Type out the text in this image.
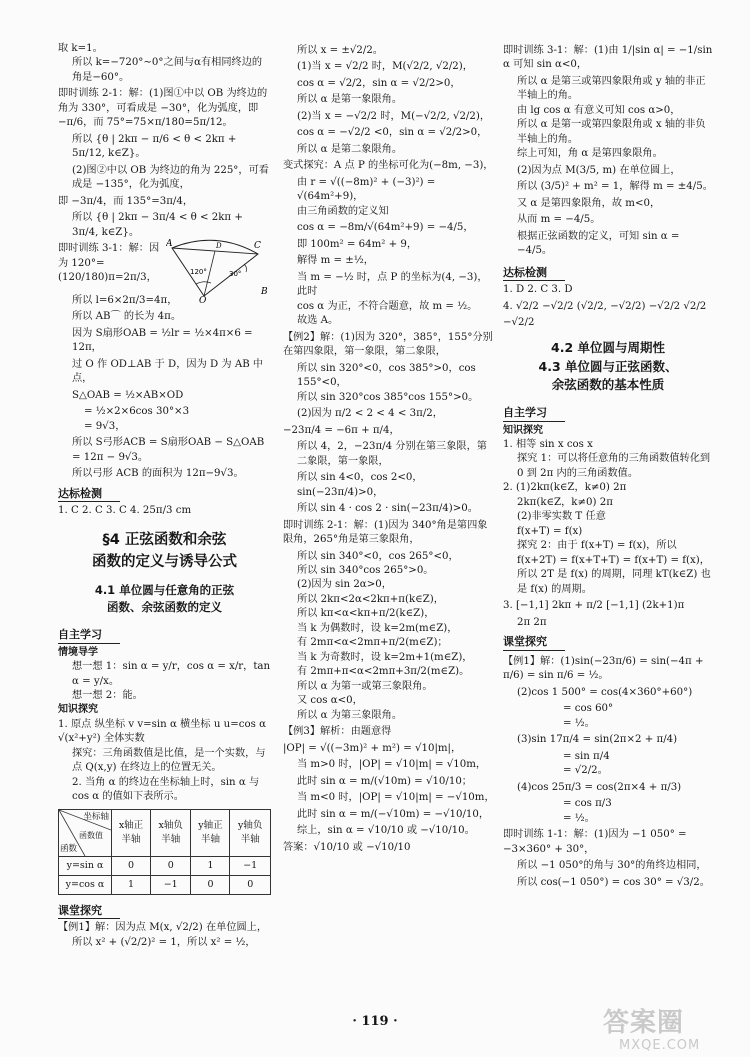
取 k=1。

所以 k=−720°∼0°之间与α有相同终边的角是−60°。

即时训练 2-1：解：(1)图①中以 OB 为终边的角为 330°，可看成是 −30°，化为弧度，即 −π/6，而 75°=75×π/180=5π/12。

所以 {θ | 2kπ − π/6 < θ < 2kπ + 5π/12, k∈Z}。

(2)图②中以 OB 为终边的角为 225°，可看成是 −135°，化为弧度，

即 −3π/4，而 135°=3π/4，

所以 {θ | 2kπ − 3π/4 < θ < 2kπ + 3π/4, k∈Z}。

即时训练 3-1：解：因为 120°=(120/180)π=2π/3，

所以 l=6×2π/3=4π，

所以 AB⌒ 的长为 4π。

因为 S扇形OAB = ½lr = ½×4π×6 = 12π，

过 O 作 OD⊥AB 于 D，因为 D 为 AB 中点，

S△OAB = ½×AB×OD

= ½×2×6cos 30°×3

= 9√3，

所以 S弓形ACB = S扇形OAB − S△OAB = 12π − 9√3。

所以弓形 ACB 的面积为 12π−9√3。

达标检测

1. C 2. C 3. C 4. 25π/3 cm

§4 正弦函数和余弦
函数的定义与诱导公式
4.1 单位圆与任意角的正弦
函数、余弦函数的定义
自主学习

情境导学

想一想 1：sin α = y/r，cos α = x/r，tan α = y/x。

想一想 2：能。

知识探究

1. 原点 纵坐标 v v=sin α 横坐标 u u=cos α √(x²+y²) 全体实数

探究：三角函数值是比值，是一个实数，与点 Q(x,y) 在终边上的位置无关。

2. 当角 α 的终边在坐标轴上时，sin α 与 cos α 的值如下表所示。

坐标轴
函数值
函数	x轴正半轴	x轴负半轴	y轴正半轴	y轴负半轴
y=sin α	0	0	1	−1
y=cos α	1	−1	0	0
课堂探究

【例1】解：因为点 M(x, √2/2) 在单位圆上，

所以 x² + (√2/2)² = 1，所以 x² = ½，

C
A
B
O
120°	30°
D

所以 x = ±√2/2。

(1)当 x = √2/2 时，M(√2/2, √2/2)，

cos α = √2/2，sin α = √2/2>0，

所以 α 是第一象限角。

(2)当 x = −√2/2 时，M(−√2/2, √2/2)，

cos α = −√2/2 <0，sin α = √2/2>0，

所以 α 是第二象限角。

变式探究：A 点 P 的坐标可化为(−8m, −3)，

由 r = √((−8m)² + (−3)²) = √(64m²+9)，

由三角函数的定义知

cos α = −8m/√(64m²+9) = −4/5，

即 100m² = 64m² + 9，

解得 m = ±½，

当 m = −½ 时，点 P 的坐标为(4, −3)，此时

cos α 为正，不符合题意，故 m = ½。

故选 A。

【例2】解：(1)因为 320°，385°，155°分别在第四象限，第一象限，第二象限，

所以 sin 320°<0，cos 385°>0，cos 155°<0，

所以 sin 320°cos 385°cos 155°>0。

(2)因为 π/2 < 2 < 4 < 3π/2，

−23π/4 = −6π + π/4，

所以 4，2，−23π/4 分别在第三象限，第二象限，第一象限，

所以 sin 4<0，cos 2<0，sin(−23π/4)>0，

所以 sin 4 · cos 2 · sin(−23π/4)>0。

即时训练 2-1：解：(1)因为 340°角是第四象限角，265°角是第三象限角，

所以 sin 340°<0，cos 265°<0，

所以 sin 340°cos 265°>0。

(2)因为 sin 2α>0，

所以 2kπ<2α<2kπ+π(k∈Z)，

所以 kπ<α<kπ+π/2(k∈Z)，

当 k 为偶数时，设 k=2m(m∈Z)，

有 2mπ<α<2mπ+π/2(m∈Z)；

当 k 为奇数时，设 k=2m+1(m∈Z)，

有 2mπ+π<α<2mπ+3π/2(m∈Z)。

所以 α 为第一或第三象限角。

又 cos α<0，

所以 α 为第三象限角。

【例3】解析：由题意得

|OP| = √((−3m)² + m²) = √10|m|，

当 m>0 时，|OP| = √10|m| = √10m，

此时 sin α = m/(√10m) = √10/10；

当 m<0 时，|OP| = √10|m| = −√10m，

此时 sin α = m/(−√10m) = −√10/10，

综上，sin α = √10/10 或 −√10/10。

答案：√10/10 或 −√10/10

即时训练 3-1：解：(1)由 1/|sin α| = −1/sin α 可知 sin α<0，

所以 α 是第三或第四象限角或 y 轴的非正半轴上的角。

由 lg cos α 有意义可知 cos α>0，

所以 α 是第一或第四象限角或 x 轴的非负半轴上的角。

综上可知，角 α 是第四象限角。

(2)因为点 M(3/5, m) 在单位圆上，

所以 (3/5)² + m² = 1，解得 m = ±4/5。

又 α 是第四象限角，故 m<0，

从而 m = −4/5。

根据正弦函数的定义，可知 sin α = −4/5。

达标检测

1. D 2. C 3. D

4. √2/2 −√2/2 (√2/2, −√2/2) −√2/2 √2/2

−√2/2

4.2 单位圆与周期性
4.3 单位圆与正弦函数、
余弦函数的基本性质
自主学习

知识探究

1. 相等 sin x cos x

探究 1：可以将任意角的三角函数值转化到 0 到 2π 内的三角函数值。

2. (1)2kπ(k∈Z，k≠0) 2π

2kπ(k∈Z，k≠0) 2π

(2)非零实数 T 任意

f(x+T) = f(x)

探究 2：由于 f(x+T) = f(x)，所以 f(x+2T) = f(x+T+T) = f(x+T) = f(x)，所以 2T 是 f(x) 的周期，同理 kT(k∈Z) 也是 f(x) 的周期。

3. [−1,1] 2kπ + π/2 [−1,1] (2k+1)π

2π 2π

课堂探究

【例1】解：(1)sin(−23π/6) = sin(−4π + π/6) = sin π/6 = ½。

(2)cos 1 500° = cos(4×360°+60°)

= cos 60°

= ½。

(3)sin 17π/4 = sin(2π×2 + π/4)

= sin π/4

= √2/2。

(4)cos 25π/3 = cos(2π×4 + π/3)

= cos π/3

= ½。

即时训练 1-1：解：(1)因为 −1 050° = −3×360° + 30°，

所以 −1 050°的角与 30°的角终边相同，

所以 cos(−1 050°) = cos 30° = √3/2。

· 119 ·	答案圈
MXQE.COM
